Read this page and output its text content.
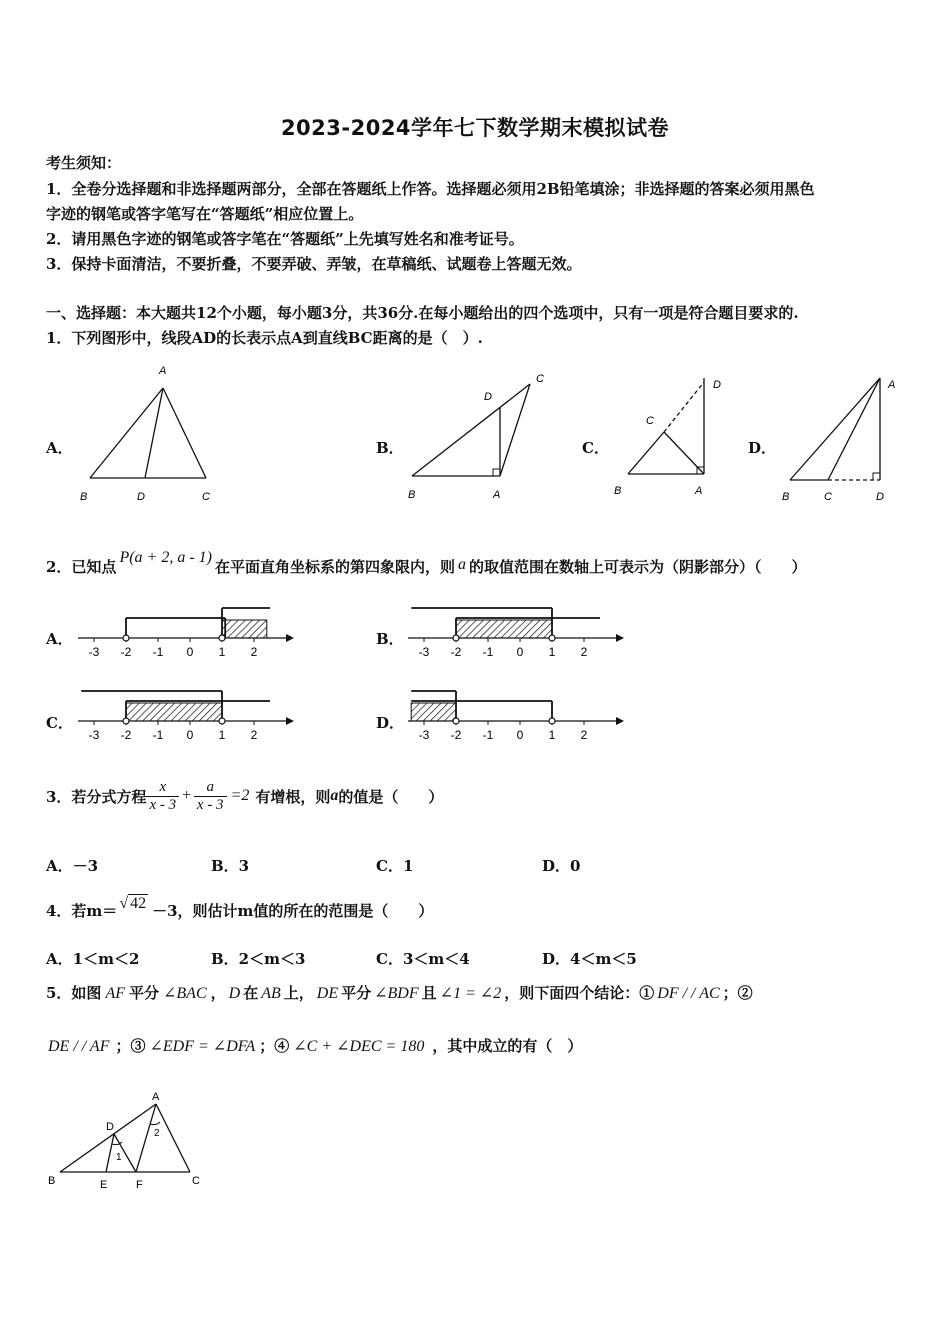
2023-2024学年七下数学期末模拟试卷
考生须知：
1．全卷分选择题和非选择题两部分，全部在答题纸上作答。选择题必须用2B铅笔填涂；非选择题的答案必须用黑色
字迹的钢笔或答字笔写在“答题纸”相应位置上。
2．请用黑色字迹的钢笔或答字笔在“答题纸”上先填写姓名和准考证号。
3．保持卡面清洁，不要折叠，不要弄破、弄皱，在草稿纸、试题卷上答题无效。
一、选择题：本大题共12个小题，每小题3分，共36分.在每小题给出的四个选项中，只有一项是符合题目要求的.
1．下列图形中，线段AD的长表示点A到直线BC距离的是（　）.
A．
A
B	D	C
B．
C
D
B	A
C．
D
C
B	A
D．
A
B	C	D
2．已知点
P(a + 2, a - 1)
在平面直角坐标系的第四象限内，则 a 的取值范围在数轴上可表示为（阴影部分）（　　）
A．
-3 -2 -1 0 1 2
B．
-3 -2 -1 0 1 2
C．
-3 -2 -1 0 1 2
D．
-3 -2 -1 0 1 2
3．若分式方程 $\frac{x}{x - 3} + \frac{a}{x - 3} =2$ 有增根，则 a 的值是（　　）
A．－3	B．3	C．1	D．0
4．若m＝ √ 42 －3，则估计m值的所在的范围是（　　）
A．1＜m＜2	B．2＜m＜3	C．3＜m＜4	D．4＜m＜5
5．如图 AF 平分 ∠BAC ， D 在 AB 上， DE 平分 ∠BDF 且 ∠1 = ∠2 ，则下面四个结论：① DF / / AC ；②
DE / / AF ；③ ∠EDF = ∠DFA ；④ ∠C + ∠DEC = 180 ，其中成立的有（　）
A
D
1
2
B	E	F	C
